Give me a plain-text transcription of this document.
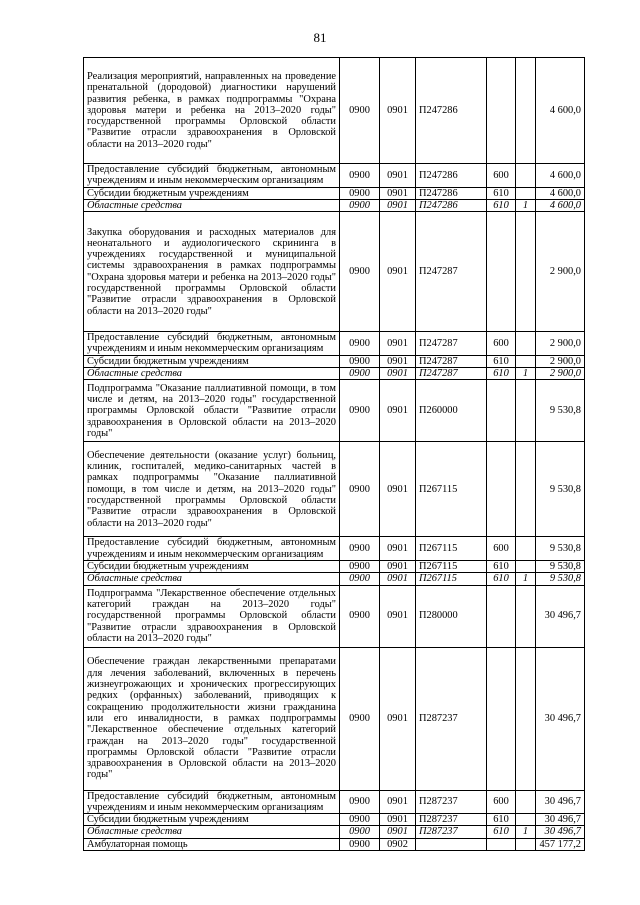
81
Реализация мероприятий, направленных на проведение пренатальной (дородовой) диагностики нарушений развития ребенка, в рамках подпрограммы "Охрана здоровья матери и ребенка на 2013–2020 годы" государственной программы Орловской области "Развитие отрасли здравоохранения в Орловской области на 2013–2020 годы"	0900	0901	П247286			4 600,0
Предоставление субсидий бюджетным, автономным учреждениям и иным некоммерческим организациям	0900	0901	П247286	600		4 600,0
Субсидии бюджетным учреждениям	0900	0901	П247286	610		4 600,0
Областные средства	0900	0901	П247286	610	1	4 600,0
Закупка оборудования и расходных материалов для неонатального и аудиологического скрининга в учреждениях государственной и муниципальной системы здравоохранения в рамках подпрограммы "Охрана здоровья матери и ребенка на 2013–2020 годы" государственной программы Орловской области "Развитие отрасли здравоохранения в Орловской области на 2013–2020 годы"	0900	0901	П247287			2 900,0
Предоставление субсидий бюджетным, автономным учреждениям и иным некоммерческим организациям	0900	0901	П247287	600		2 900,0
Субсидии бюджетным учреждениям	0900	0901	П247287	610		2 900,0
Областные средства	0900	0901	П247287	610	1	2 900,0
Подпрограмма "Оказание паллиативной помощи, в том числе и детям, на 2013–2020 годы" государственной программы Орловской области "Развитие отрасли здравоохранения в Орловской области на 2013–2020 годы"	0900	0901	П260000			9 530,8
Обеспечение деятельности (оказание услуг) больниц, клиник, госпиталей, медико-санитарных частей в рамках подпрограммы "Оказание паллиативной помощи, в том числе и детям, на 2013–2020 годы" государственной программы Орловской области "Развитие отрасли здравоохранения в Орловской области на 2013–2020 годы"	0900	0901	П267115			9 530,8
Предоставление субсидий бюджетным, автономным учреждениям и иным некоммерческим организациям	0900	0901	П267115	600		9 530,8
Субсидии бюджетным учреждениям	0900	0901	П267115	610		9 530,8
Областные средства	0900	0901	П267115	610	1	9 530,8
Подпрограмма "Лекарственное обеспечение отдельных категорий граждан на 2013–2020 годы" государственной программы Орловской области "Развитие отрасли здравоохранения в Орловской области на 2013–2020 годы"	0900	0901	П280000			30 496,7
Обеспечение граждан лекарственными препаратами для лечения заболеваний, включенных в перечень жизнеугрожающих и хронических прогрессирующих редких (орфанных) заболеваний, приводящих к сокращению продолжительности жизни гражданина или его инвалидности, в рамках подпрограммы "Лекарственное обеспечение отдельных категорий граждан на 2013–2020 годы" государственной программы Орловской области "Развитие отрасли здравоохранения в Орловской области на 2013–2020 годы"	0900	0901	П287237			30 496,7
Предоставление субсидий бюджетным, автономным учреждениям и иным некоммерческим организациям	0900	0901	П287237	600		30 496,7
Субсидии бюджетным учреждениям	0900	0901	П287237	610		30 496,7
Областные средства	0900	0901	П287237	610	1	30 496,7
Амбулаторная помощь	0900	0902				457 177,2
